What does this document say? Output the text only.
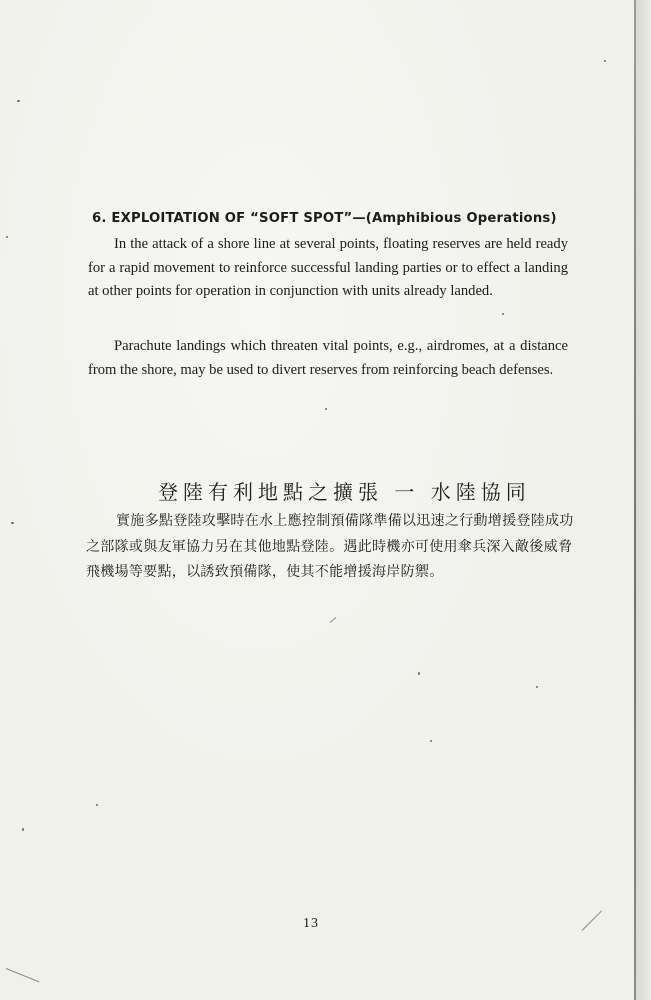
6. EXPLOITATION OF “SOFT SPOT”—(Amphibious Operations)
In the attack of a shore line at several points, floating reserves are held ready for a rapid movement to reinforce successful landing parties or to effect a landing at other points for operation in conjunction with units already landed.
Parachute landings which threaten vital points, e.g., airdromes, at a distance from the shore, may be used to divert reserves from reinforcing beach defenses.
登陸有利地點之擴張 一 水陸協同
實施多點登陸攻擊時在水上應控制預備隊準備以迅速之行動增援登陸成功之部隊或與友軍協力另在其他地點登陸。遇此時機亦可使用傘兵深入敵後威脅飛機場等要點，以誘致預備隊，使其不能增援海岸防禦。
13
